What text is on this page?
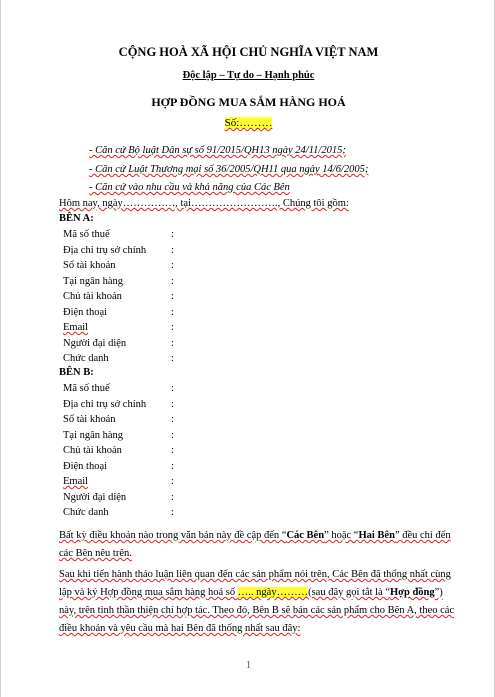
CỘNG HOÀ XÃ HỘI CHỦ NGHĨA VIỆT NAM
Độc lập – Tự do – Hạnh phúc
HỢP ĐỒNG MUA SẮM HÀNG HOÁ
Số:………
- Căn cứ Bộ luật Dân sự số 91/2015/QH13 ngày 24/11/2015;
- Căn cứ Luật Thương mại số 36/2005/QH11 qua ngày 14/6/2005;
- Căn cứ vào nhu cầu và khả năng của Các Bên
Hôm nay, ngày……………, tại……………………., Chúng tôi gồm:
BÊN A:
Mã số thuế	:
Địa chỉ trụ sở chính :
Số tài khoản	:
Tại ngân hàng	:
Chủ tài khoản	:
Điện thoại	:
Email	:
Người đại diện	:
Chức danh	:
BÊN B:
Mã số thuế	:
Địa chỉ trụ sở chính :
Số tài khoản	:
Tại ngân hàng	:
Chủ tài khoản	:
Điện thoại	:
Email	:
Người đại diện	:
Chức danh	:
Bất kỳ điều khoản nào trong văn bản này đề cập đến “Các Bên” hoặc “Hai Bên” đều chỉ đến các Bên nêu trên.
Sau khi tiến hành thảo luận liên quan đến các sản phẩm nói trên, Các Bên đã thống nhất cùng lập và ký Hợp đồng mua sắm hàng hoá số ….. ngày………(sau đây gọi tắt là “Hợp đồng”) này, trên tinh thần thiện chí hợp tác. Theo đó, Bên B sẽ bán các sản phẩm cho Bên A, theo các điều khoản và yêu cầu mà hai Bên đã thống nhất sau đây:
1
